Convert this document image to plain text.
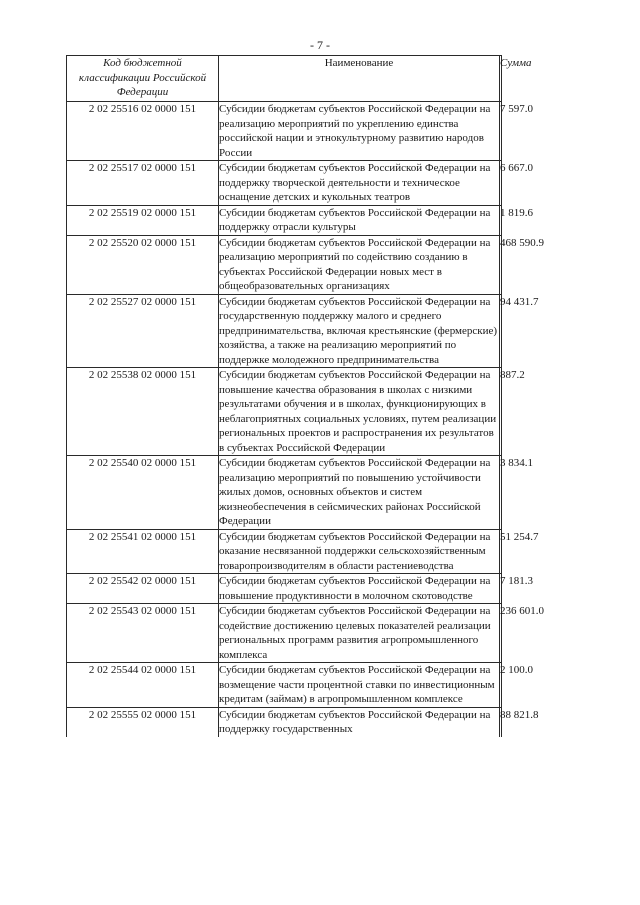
- 7 -
Код бюджетной классификации Российской Федерации	Наименование	Сумма
2 02 25516 02 0000 151	Субсидии бюджетам субъектов Российской Федерации на реализацию мероприятий по укреплению единства российской нации и этнокультурному развитию народов России	7 597.0
2 02 25517 02 0000 151	Субсидии бюджетам субъектов Российской Федерации на поддержку творческой деятельности и техническое оснащение детских и кукольных театров	6 667.0
2 02 25519 02 0000 151	Субсидии бюджетам субъектов Российской Федерации на поддержку отрасли культуры	1 819.6
2 02 25520 02 0000 151	Субсидии бюджетам субъектов Российской Федерации на реализацию мероприятий по содействию созданию в субъектах Российской Федерации новых мест в общеобразовательных организациях	468 590.9
2 02 25527 02 0000 151	Субсидии бюджетам субъектов Российской Федерации на государственную поддержку малого и среднего предпринимательства, включая крестьянские (фермерские) хозяйства, а также на реализацию мероприятий по поддержке молодежного предпринимательства	94 431.7
2 02 25538 02 0000 151	Субсидии бюджетам субъектов Российской Федерации на повышение качества образования в школах с низкими результатами обучения и в школах, функционирующих в неблагоприятных социальных условиях, путем реализации региональных проектов и распространения их результатов в субъектах Российской Федерации	887.2
2 02 25540 02 0000 151	Субсидии бюджетам субъектов Российской Федерации на реализацию мероприятий по повышению устойчивости жилых домов, основных объектов и систем жизнеобеспечения в сейсмических районах Российской Федерации	3 834.1
2 02 25541 02 0000 151	Субсидии бюджетам субъектов Российской Федерации на оказание несвязанной поддержки сельскохозяйственным товаропроизводителям в области растениеводства	51 254.7
2 02 25542 02 0000 151	Субсидии бюджетам субъектов Российской Федерации на повышение продуктивности в молочном скотоводстве	7 181.3
2 02 25543 02 0000 151	Субсидии бюджетам субъектов Российской Федерации на содействие достижению целевых показателей реализации региональных программ развития агропромышленного комплекса	236 601.0
2 02 25544 02 0000 151	Субсидии бюджетам субъектов Российской Федерации на возмещение части процентной ставки по инвестиционным кредитам (займам) в агропромышленном комплексе	2 100.0
2 02 25555 02 0000 151	Субсидии бюджетам субъектов Российской Федерации на поддержку государственных	88 821.8
